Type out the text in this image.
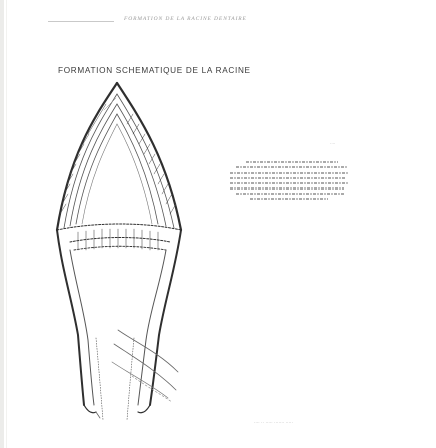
FORMATION DE LA RACINE DENTAIRE
FORMATION SCHEMATIQUE DE LA RACINE
····
···· ·· ····· ······· ·····
